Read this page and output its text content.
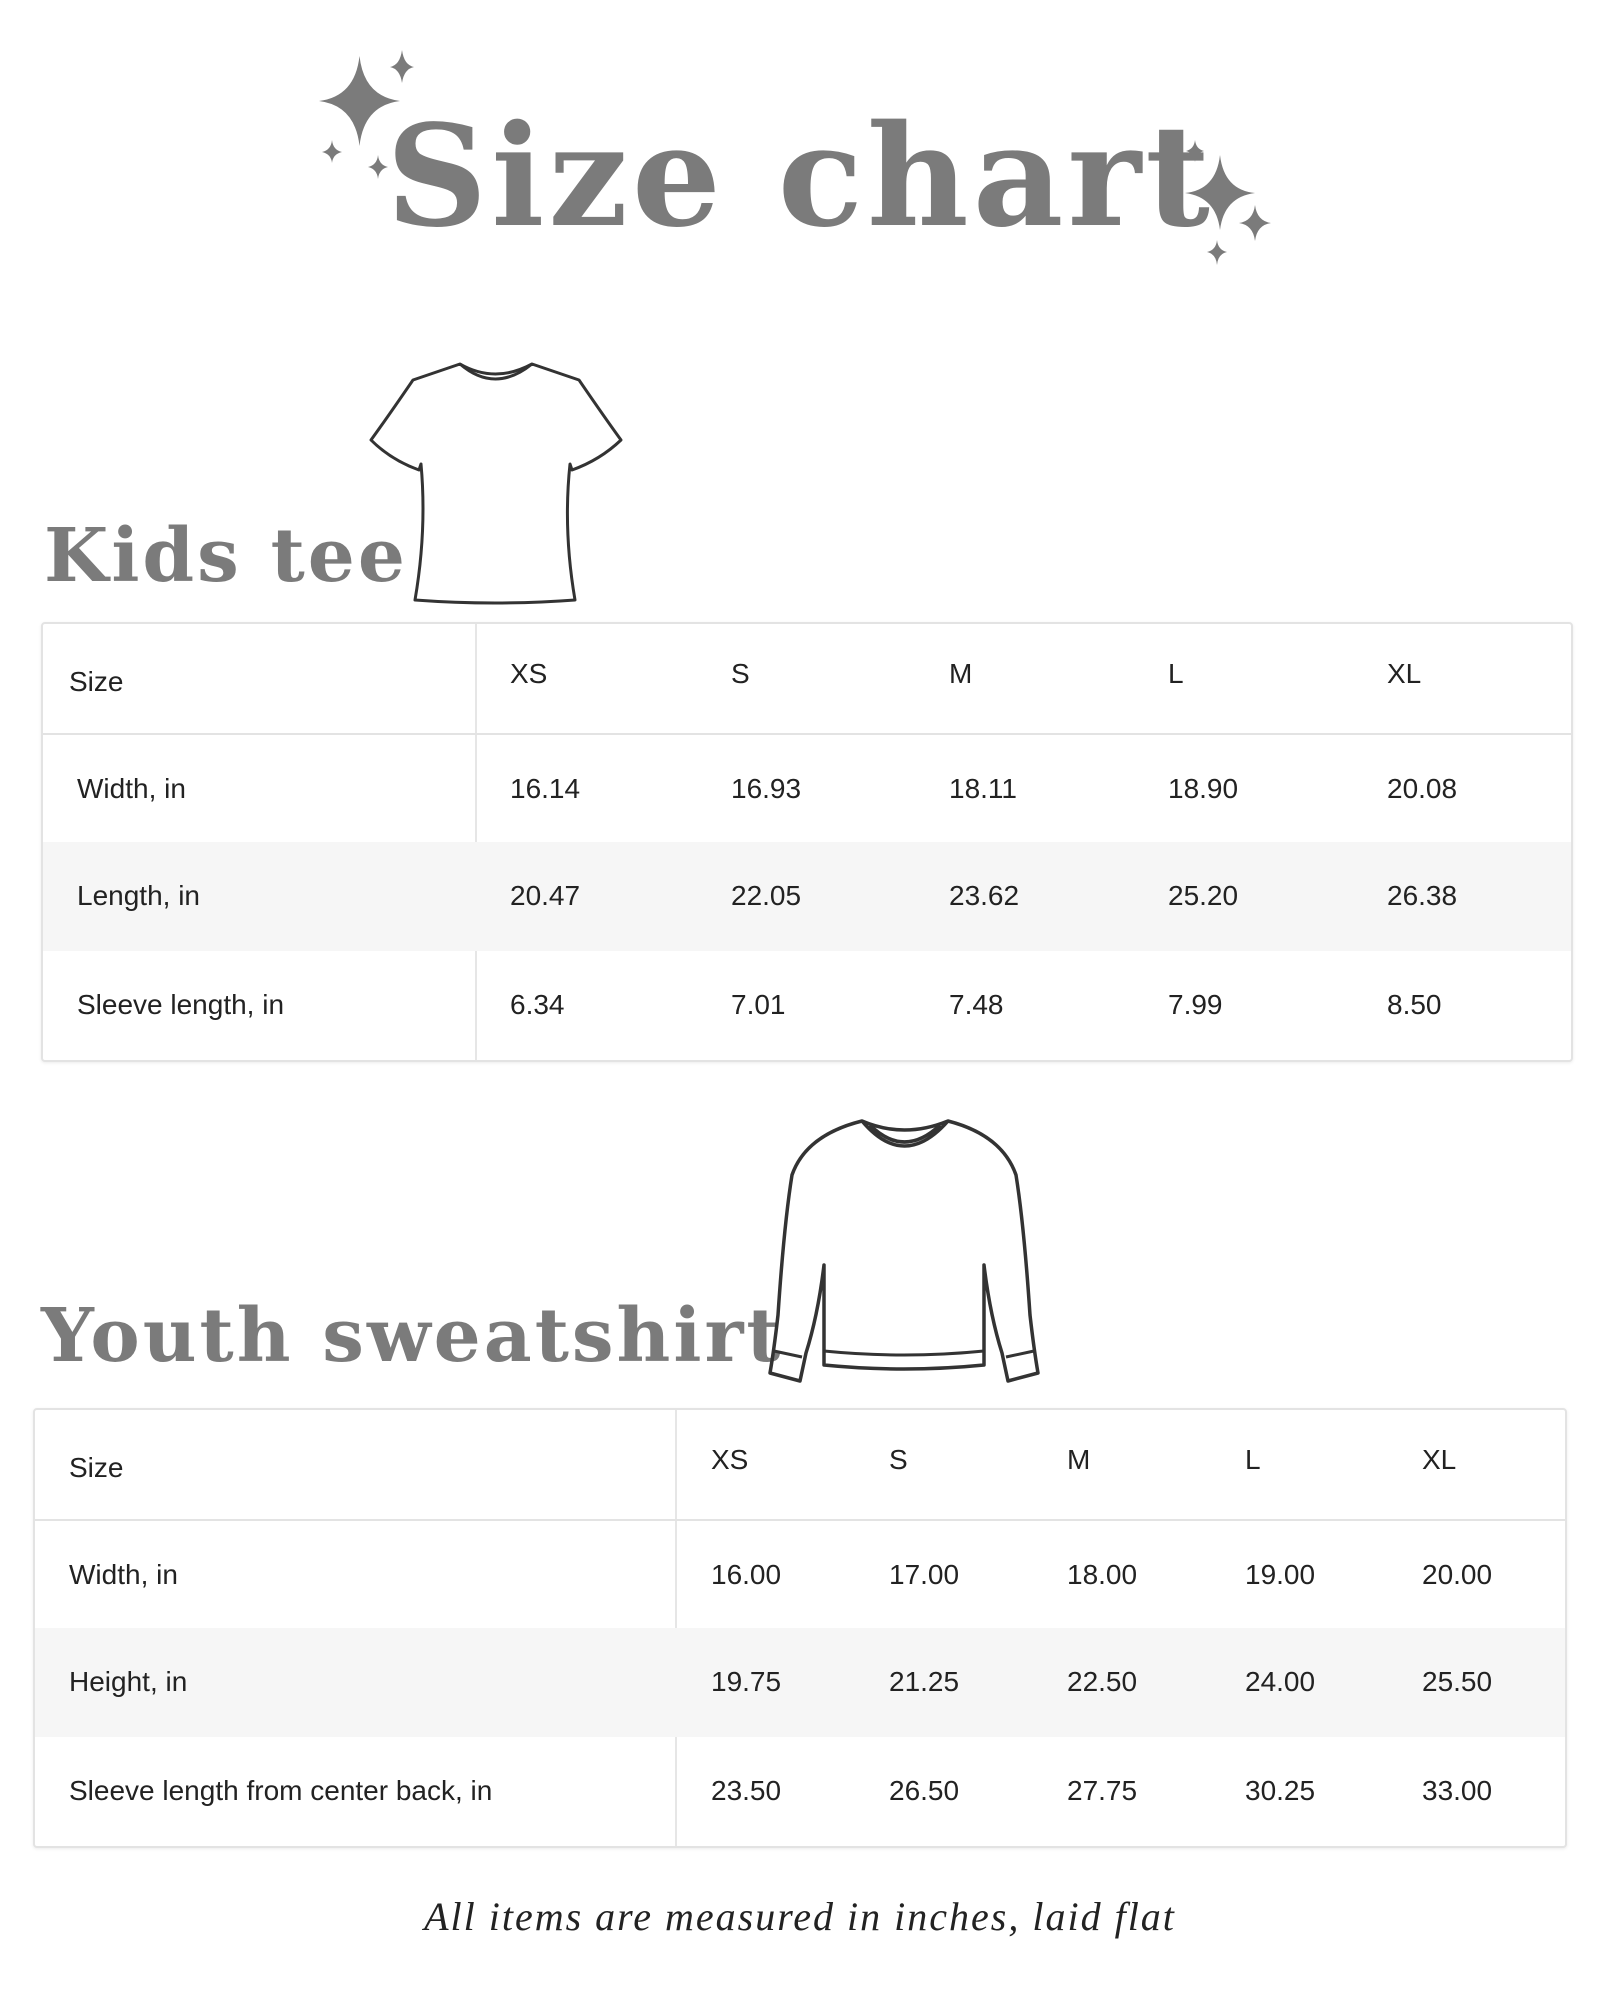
Size chart
Kids tee
Size	XS	S	M	L	XL
Width, in	16.14	16.93	18.11	18.90	20.08
Length, in	20.47	22.05	23.62	25.20	26.38
Sleeve length, in	6.34	7.01	7.48	7.99	8.50
Youth sweatshirt
Size	XS	S	M	L	XL
Width, in	16.00	17.00	18.00	19.00	20.00
Height, in	19.75	21.25	22.50	24.00	25.50
Sleeve length from center back, in	23.50	26.50	27.75	30.25	33.00
All items are measured in inches, laid flat
